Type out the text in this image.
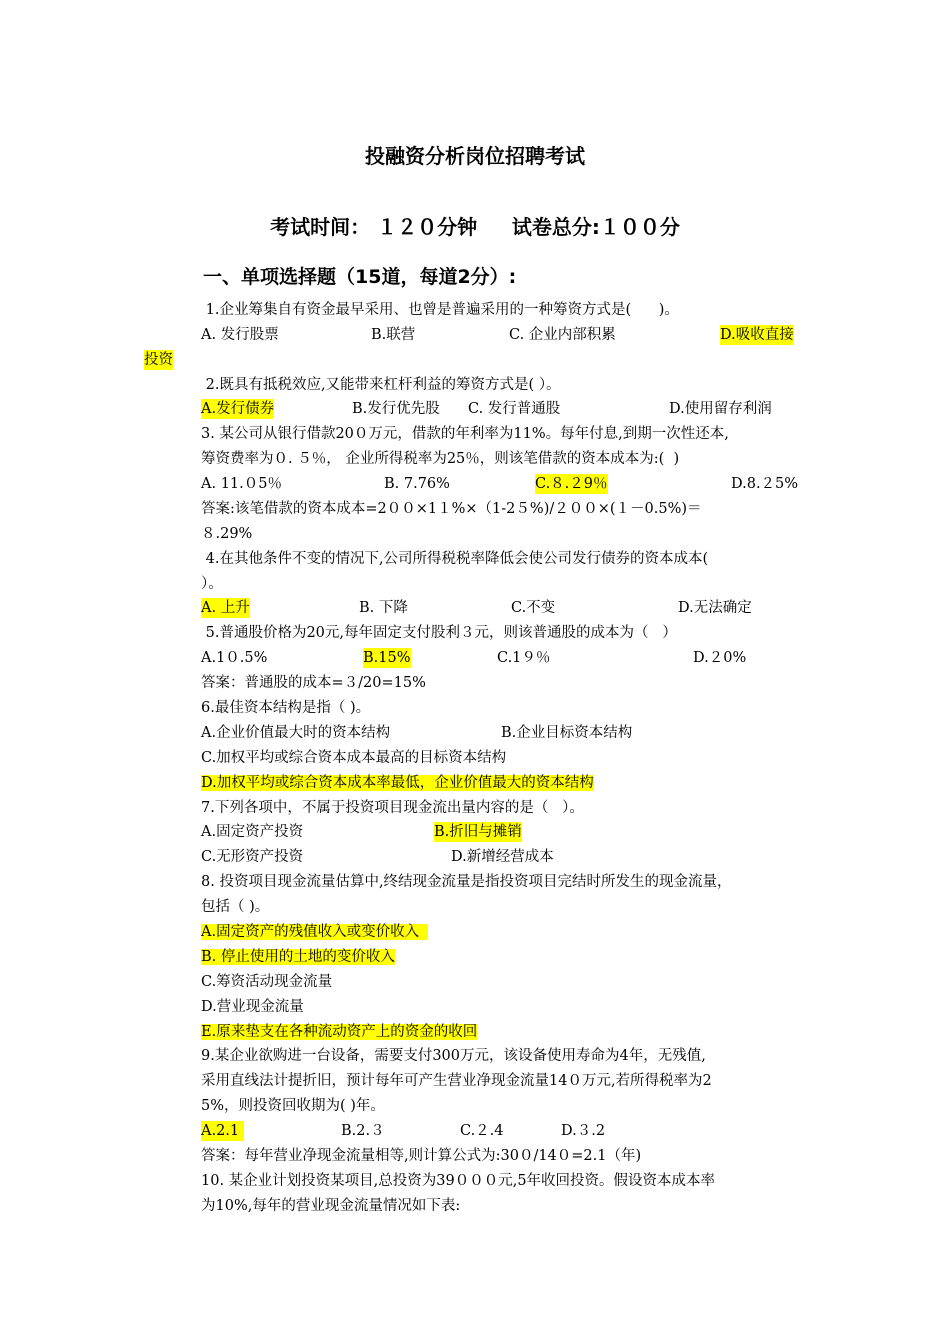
投融资分析岗位招聘考试
考试时间： １２０分钟     试卷总分:１００分
一、单项选择题（15道，每道2分）:
1.企业筹集自有资金最早采用、也曾是普遍采用的一种筹资方式是(      )。
A. 发行股票	B.联营	C. 企业内部积累	D.吸收直接
投资
2.既具有抵税效应,又能带来杠杆利益的筹资方式是( ）。
A.发行债券	B.发行优先股 C. 发行普通股	D.使用留存利润
3. 某公司从银行借款20０万元，借款的年利率为11%。每年付息,到期一次性还本,
筹资费率为０. ５％， 企业所得税率为25％，则该笔借款的资本成本为:(  )
A. 11.０5％	B. 7.76%	C.８.２9％	D.8.２5%
答案:该笔借款的资本成本=2００×1１%×（1-2５%)/２００×(１－0.5%)＝
８.29%
4.在其他条件不变的情况下,公司所得税税率降低会使公司发行债券的资本成本(
）。
A. 上升	B. 下降	C.不变	D.无法确定
5.普通股价格为20元,每年固定支付股利３元，则该普通股的成本为（   ）
A.1０.5%	B.15%	C.1９％	D.２0%
答案：普通股的成本=３/20=15%
6.最佳资本结构是指（ )。
A.企业价值最大时的资本结构	B.企业目标资本结构
C.加权平均或综合资本成本最高的目标资本结构
D.加权平均或综合资本成本率最低，企业价值最大的资本结构
7.下列各项中，不属于投资项目现金流出量内容的是（   ）。
A.固定资产投资	B.折旧与摊销
C.无形资产投资	D.新增经营成本
8. 投资项目现金流量估算中,终结现金流量是指投资项目完结时所发生的现金流量，
包括（ )。
A.固定资产的残值收入或变价收入
B. 停止使用的土地的变价收入
C.筹资活动现金流量
D.营业现金流量
E.原来垫支在各种流动资产上的资金的收回
9.某企业欲购进一台设备，需要支付300万元，该设备使用寿命为4年，无残值,
采用直线法计提折旧，预计每年可产生营业净现金流量14０万元,若所得税率为2
5%，则投资回收期为( )年。
A.2.1	B.2.３	C.２.4	D.３.2
答案：每年营业净现金流量相等,则计算公式为:30０/14０=2.1（年)
10. 某企业计划投资某项目,总投资为39０００元,5年收回投资。假设资本成本率
为10%,每年的营业现金流量情况如下表:
